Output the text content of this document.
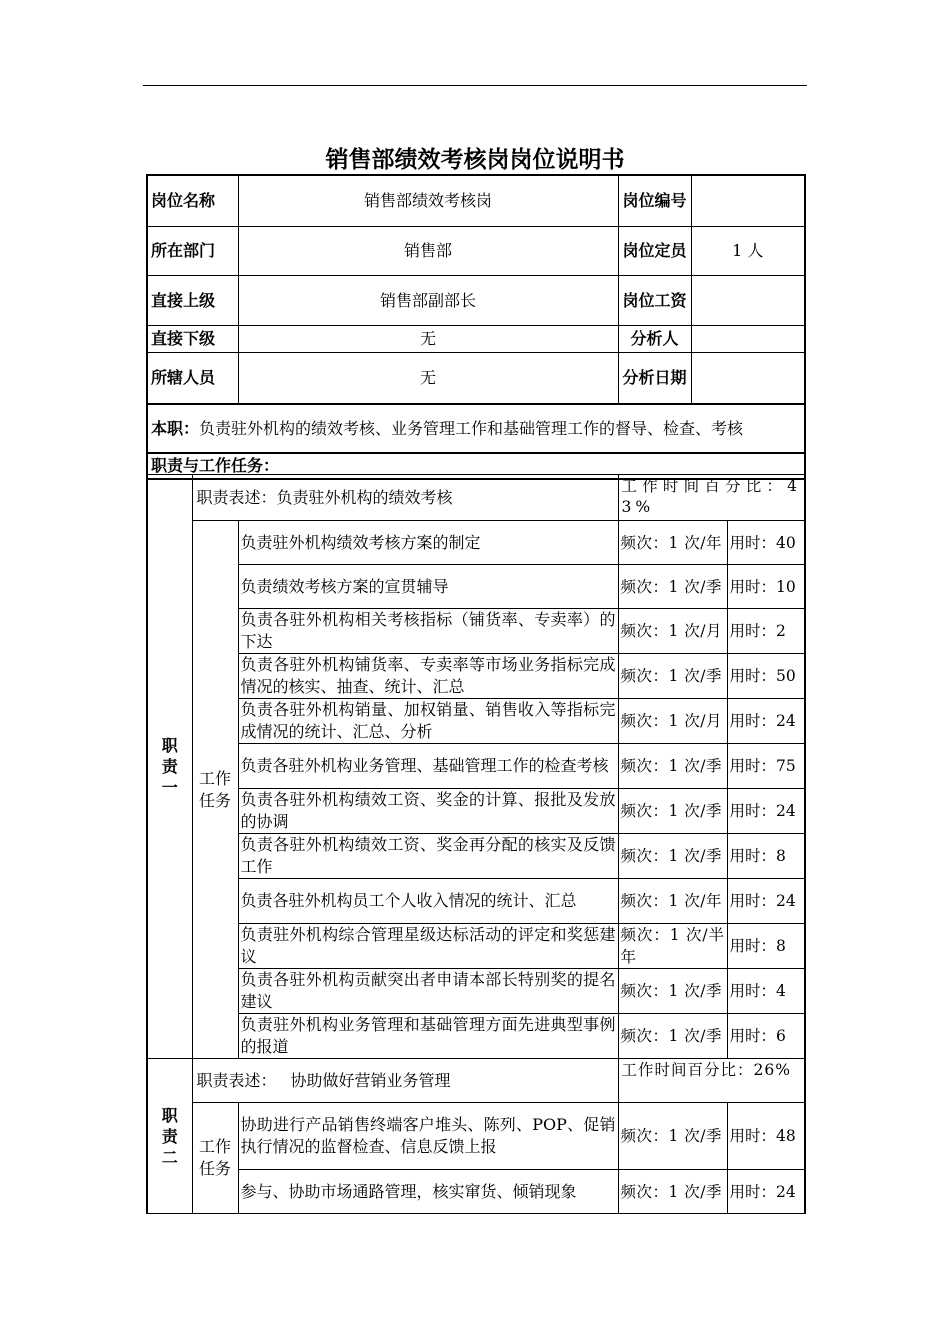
销售部绩效考核岗岗位说明书
岗位名称	销售部绩效考核岗	岗位编号

所在部门	销售部	岗位定员 1 人

直接上级	销售部副部长	岗位工资

直接下级	无	分析人

所辖人员	无	分析日期

本职：负责驻外机构的绩效考核、业务管理工作和基础管理工作的督导、检查、考核		
职责与工作任务：		
职责一	职责表述：负责驻外机构的绩效考核		工作时间百分比：43%	
	工作任务	负责驻外机构绩效考核方案的制定	频次：1 次/年	用时：40
		负责绩效考核方案的宣贯辅导	频次：1 次/季	用时：10
		负责各驻外机构相关考核指标（铺货率、专卖率）的下达	频次：1 次/月	用时：2
		负责各驻外机构铺货率、专卖率等市场业务指标完成情况的核实、抽查、统计、汇总	频次：1 次/季	用时：50
		负责各驻外机构销量、加权销量、销售收入等指标完成情况的统计、汇总、分析	频次：1 次/月	用时：24
		负责各驻外机构业务管理、基础管理工作的检查考核	频次：1 次/季	用时：75
		负责各驻外机构绩效工资、奖金的计算、报批及发放的协调	频次：1 次/季	用时：24
		负责各驻外机构绩效工资、奖金再分配的核实及反馈工作	频次：1 次/季	用时：8
		负责各驻外机构员工个人收入情况的统计、汇总	频次：1 次/年	用时：24
		负责驻外机构综合管理星级达标活动的评定和奖惩建议	频次：1 次/半年	用时：8
		负责各驻外机构贡献突出者申请本部长特别奖的提名建议	频次：1 次/季	用时：4
		负责驻外机构业务管理和基础管理方面先进典型事例的报道	频次：1 次/季	用时：6
职责二	职责表述： 协助做好营销业务管理		工作时间百分比：26%	
	工作任务	协助进行产品销售终端客户堆头、陈列、POP、促销执行情况的监督检查、信息反馈上报	频次：1 次/季	用时：48
		参与、协助市场通路管理，核实窜货、倾销现象	频次：1 次/季	用时：24
